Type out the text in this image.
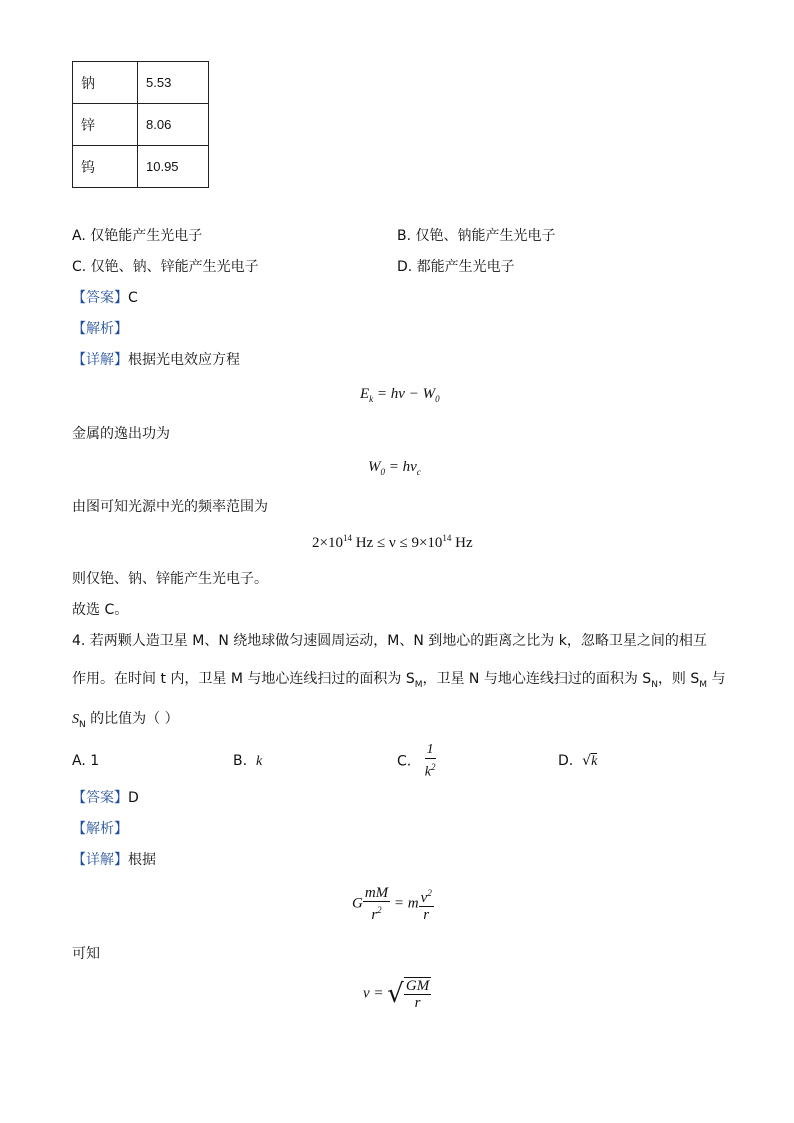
钠	5.53
锌	8.06
钨	10.95
A. 仅铯能产生光电子	B. 仅铯、钠能产生光电子
C. 仅铯、钠、锌能产生光电子	D. 都能产生光电子
【答案】C
【解析】
【详解】根据光电效应方程
$E_k = h\nu - W_0$
金属的逸出功为
$W_0 = h\nu_c$
由图可知光源中光的频率范围为
$2\times 10^{14}$ $Hz \le \nu \le 9\times 10^{14}$ Hz
则仅铯、钠、锌能产生光电子。
故选 C。
4. 若两颗人造卫星 M、N 绕地球做匀速圆周运动，M、N 到地心的距离之比为 k，忽略卫星之间的相互
作用。在时间 t 内，卫星 M 与地心连线扫过的面积为 $S_M$，卫星 N 与地心连线扫过的面积为 $S_N$，则 $S_M$ 与
$S_N$ 的比值为（ ）
A. 1	B. k	C. $\frac{1}{k^2}$	D. √k
【答案】D
【解析】
【详解】根据
G $\frac{mM}{r^2} = m \frac{v^2}{r}$
可知
v = √ $\frac{GM}{r}$
